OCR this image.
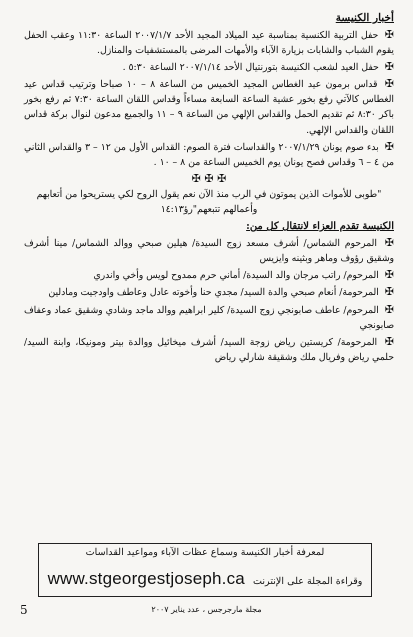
أخبار الكنيسة
✠ حفل التربية الكنسية بمناسبة عيد الميلاد المجيد الأحد ٢٠٠٧/١/٧ الساعة ١١:٣٠ وعقب الحفل يقوم الشباب والشابات بزيارة الآباء والأمهات المرضى بالمستشفيات والمنازل.
✠ حفل العيد لشعب الكنيسة بتورنتيال الأحد ٢٠٠٧/١/١٤ الساعة ٥:٣٠ .
✠ قداس برمون عيد الغطاس المجيد الخميس من الساعة ٨ – ١٠ صباحا وترتيب قداس عيد الغطاس كالآتي رفع بخور عشية الساعة السابعة مساءاً وقداس اللقان الساعة ٧:٣٠ ثم رفع بخور باكر ٨:٣٠ ثم تقديم الحمل والقداس الإلهي من الساعة ٩ – ١١ والجميع مدعون لنوال بركة قداس اللقان والقداس الإلهي.
✠ بدء صوم يونان ٢٠٠٧/١/٢٩ والقداسات فترة الصوم: القداس الأول من ١٢ – ٣ والقداس الثاني من ٤ – ٦ وقداس فصح يونان يوم الخميس الساعة من ٨ – ١٠ .
✠ ✠ ✠
"طوبى للأموات الذين يموتون في الرب منذ الآن نعم يقول الروح لكي يستريحوا من أتعابهم وأعمالهم تتبعهم"رؤ١٤:١٣
الكنيسة تقدم العزاء لانتقال كل من:
✠ المرحوم الشماس/ أشرف مسعد زوج السيدة/ هيلين صبحي ووالد الشماس/ مينا أشرف وشقيق رؤوف وماهر وبثينه وايزيس
✠ المرحوم/ راتب مرجان والد السيدة/ أماني حرم ممدوح لويس وأخي واندري
✠ المرحومة/ أنعام صبحي والدة السيد/ مجدي حنا وأخوته عادل وعاطف واودجيت ومادلين
✠ المرحوم/ عاطف صابونجي زوج السيدة/ كلير ابراهيم ووالد ماجد وشادي وشقيق عماد وعفاف صابونجي
✠ المرحومة/ كريستين رياض زوجة السيد/ أشرف ميخائيل ووالدة بيتر ومونيكا، وابنة السيد/ حلمي رياض وفريال ملك وشقيقة شارلي رياض
لمعرفة أخبار الكنيسة وسماع عظات الآباء ومواعيد القداسات
وقراءة المجلة على الإنترنت
www.stgeorgestjoseph.ca
مجلة مارجرجس ، عدد يناير ٢٠٠٧
5
